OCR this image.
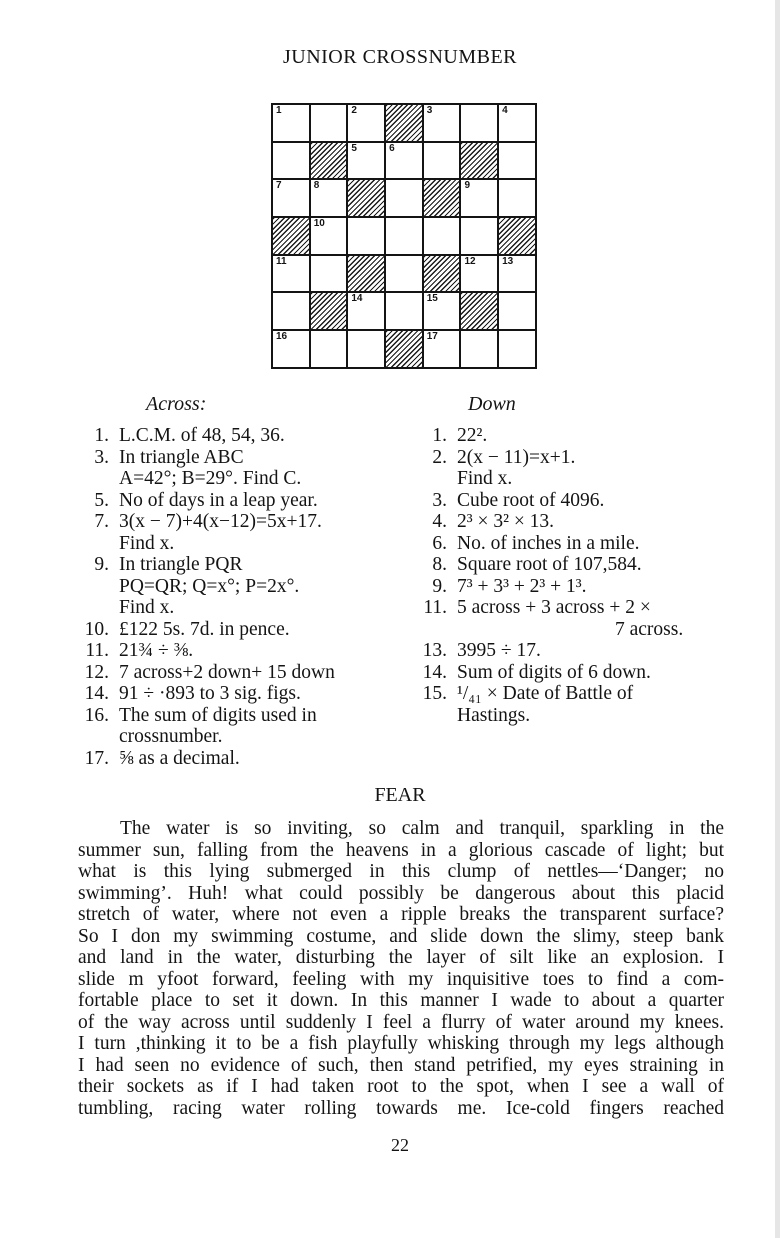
JUNIOR CROSSNUMBER
1	2	3	4
5	6
7	8	9
10
11	12	13
14	15
16	17
Across:	Down
1. L.C.M. of 48, 54, 36.
3. In triangle ABC
A=42°; B=29°. Find C.
5. No of days in a leap year.
7. 3(x − 7)+4(x−12)=5x+17.
Find x.
9. In triangle PQR
PQ=QR; Q=x°; P=2x°.
Find x.
10. £122 5s. 7d. in pence.
11. 21¾ ÷ ⅜.
12. 7 across+2 down+ 15 down
14. 91 ÷ ·893 to 3 sig. figs.
16. The sum of digits used in
crossnumber.
17. ⅝ as a decimal.
1. 22².
2. 2(x − 11)=x+1.
Find x.
3. Cube root of 4096.
4. 2³ × 3² × 13.
6. No. of inches in a mile.
8. Square root of 107,584.
9. 7³ + 3³ + 2³ + 1³.
11. 5 across + 3 across + 2 ×
7 across.
13. 3995 ÷ 17.
14. Sum of digits of 6 down.
15. ¹/₄₁ × Date of Battle of
Hastings.
FEAR
The water is so inviting, so calm and tranquil, sparkling in the
summer sun, falling from the heavens in a glorious cascade of light; but
what is this lying submerged in this clump of nettles—‘Danger; no
swimming’. Huh! what could possibly be dangerous about this placid
stretch of water, where not even a ripple breaks the transparent surface?
So I don my swimming costume, and slide down the slimy, steep bank
and land in the water, disturbing the layer of silt like an explosion. I
slide m yfoot forward, feeling with my inquisitive toes to find a com-
fortable place to set it down. In this manner I wade to about a quarter
of the way across until suddenly I feel a flurry of water around my knees.
I turn ,thinking it to be a fish playfully whisking through my legs although
I had seen no evidence of such, then stand petrified, my eyes straining in
their sockets as if I had taken root to the spot, when I see a wall of
tumbling, racing water rolling towards me. Ice-cold fingers reached
22
